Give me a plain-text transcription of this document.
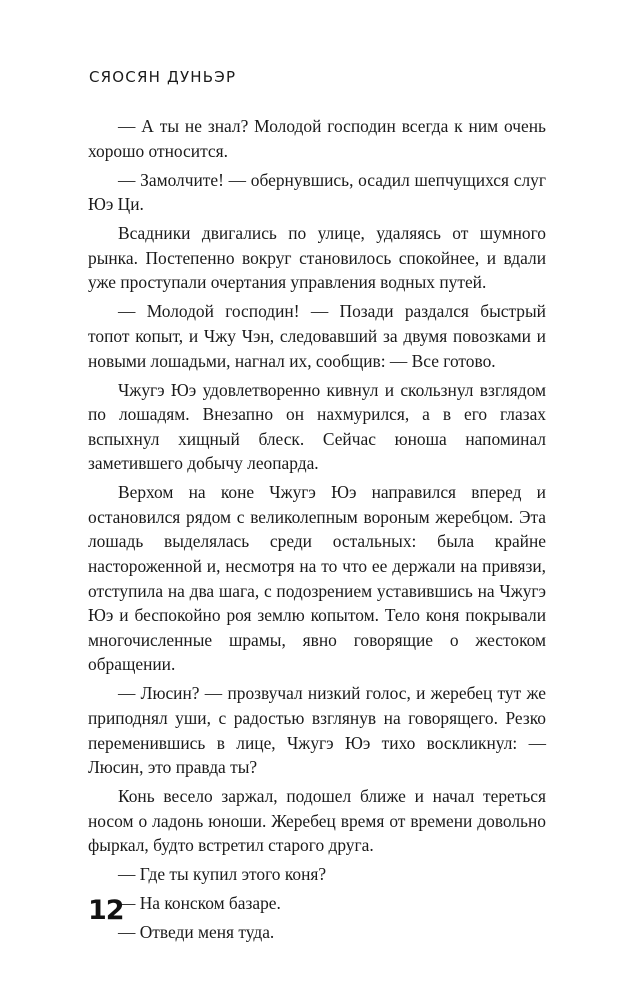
СЯОСЯН ДУНЬЭР

— А ты не знал? Молодой господин всегда к ним очень хорошо относится.

— Замолчите! — обернувшись, осадил шепчущихся слуг Юэ Ци.

Всадники двигались по улице, удаляясь от шумного рынка. Постепенно вокруг становилось спокойнее, и вдали уже проступали очертания управления водных путей.

— Молодой господин! — Позади раздался быстрый топот копыт, и Чжу Чэн, следовавший за двумя повозками и новыми лошадьми, нагнал их, сообщив: — Все готово.

Чжугэ Юэ удовлетворенно кивнул и скользнул взглядом по лошадям. Внезапно он нахмурился, а в его глазах вспыхнул хищный блеск. Сейчас юноша напоминал заметившего добычу леопарда.

Верхом на коне Чжугэ Юэ направился вперед и остановился рядом с великолепным вороным жеребцом. Эта лошадь выделялась среди остальных: была крайне настороженной и, несмотря на то что ее держали на привязи, отступила на два шага, с подозрением уставившись на Чжугэ Юэ и беспокойно роя землю копытом. Тело коня покрывали многочисленные шрамы, явно говорящие о жестоком обращении.

— Люсин? — прозвучал низкий голос, и жеребец тут же приподнял уши, с радостью взглянув на говорящего. Резко переменившись в лице, Чжугэ Юэ тихо воскликнул: — Люсин, это правда ты?

Конь весело заржал, подошел ближе и начал тереться носом о ладонь юноши. Жеребец время от времени довольно фыркал, будто встретил старого друга.

— Где ты купил этого коня?

— На конском базаре.

— Отведи меня туда.

12
